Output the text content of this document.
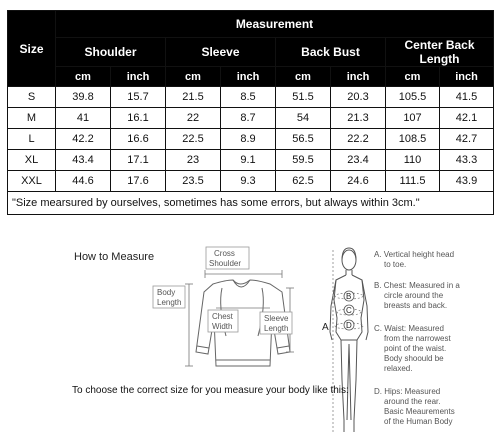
Size	Measurement							
	Shoulder		Sleeve		Back Bust		Center Back Length	
	cm	inch	cm	inch	cm	inch	cm	inch
S	39.8	15.7	21.5	8.5	51.5	20.3	105.5	41.5
M	41	16.1	22	8.7	54	21.3	107	42.1
L	42.2	16.6	22.5	8.9	56.5	22.2	108.5	42.7
XL	43.4	17.1	23	9.1	59.5	23.4	110	43.3
XXL	44.6	17.6	23.5	9.3	62.5	24.6	111.5	43.9
"Size mearsured by ourselves, sometimes has some errors, but always within 3cm."								
How to Measure	Cross
Shoulder
Body
Length
Chest
Width
Sleeve
Length	A
B
C
D
A. Vertical height head
to toe.
B. Chest: Measured in a
circle around the
breasts and back.
C. Waist: Measured
from the narrowest
point of the waist.
Body shoould be
relaxed.
D. Hips: Measured
around the rear.
Basic Meaurements
of the Human Body
To choose the correct size for you measure your body like this:
